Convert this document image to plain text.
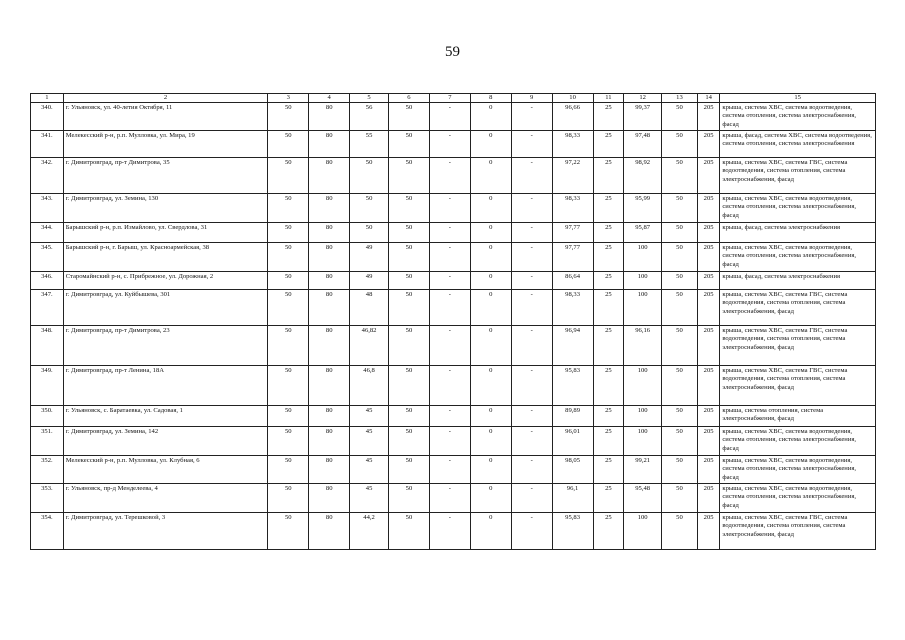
59
1	2	3	4	5	6	7	8	9	10	11	12	13	14	15
340.	г. Ульяновск, ул. 40-летия Октября, 11	50	80	56	50	-	0	-	96,66	25	99,37	50	205	крыша, система ХВС, система водоотведения, система отопления, система электроснабжения, фасад
341.	Мелекесский р-н, р.п. Мулловка, ул. Мира, 19	50	80	55	50	-	0	-	98,33	25	97,48	50	205	крыша, фасад, система ХВС, система водоотведения, система отопления, система электроснабжения
342.	г. Димитровград, пр-т Димитрова, 35	50	80	50	50	-	0	-	97,22	25	98,92	50	205	крыша, система ХВС, система ГВС, система водоотведения, система отопления, система электроснабжения, фасад
343.	г. Димитровград, ул. Земина, 130	50	80	50	50	-	0	-	98,33	25	95,99	50	205	крыша, система ХВС, система водоотведения, система отопления, система электроснабжения, фасад
344.	Барышский р-н, р.п. Измайлово, ул. Свердлова, 31	50	80	50	50	-	0	-	97,77	25	95,87	50	205	крыша, фасад, система электроснабжения
345.	Барышский р-н, г. Барыш, ул. Красноармейская, 38	50	80	49	50	-	0	-	97,77	25	100	50	205	крыша, система ХВС, система водоотведения, система отопления, система электроснабжения, фасад
346.	Старомайнский р-н, с. Прибрежное, ул. Дорожная, 2	50	80	49	50	-	0	-	86,64	25	100	50	205	крыша, фасад, система электроснабжения
347.	г. Димитровград, ул. Куйбышева, 301	50	80	48	50	-	0	-	98,33	25	100	50	205	крыша, система ХВС, система ГВС, система водоотведения, система отопления, система электроснабжения, фасад
348.	г. Димитровград, пр-т Димитрова, 23	50	80	46,82	50	-	0	-	96,94	25	96,16	50	205	крыша, система ХВС, система ГВС, система водоотведения, система отопления, система электроснабжения, фасад
349.	г. Димитровград, пр-т Ленина, 18А	50	80	46,8	50	-	0	-	95,83	25	100	50	205	крыша, система ХВС, система ГВС, система водоотведения, система отопления, система электроснабжения, фасад
350.	г. Ульяновск, с. Баратаевка, ул. Садовая, 1	50	80	45	50	-	0	-	89,89	25	100	50	205	крыша, система отопления, система электроснабжения, фасад
351.	г. Димитровград, ул. Земина, 142	50	80	45	50	-	0	-	96,01	25	100	50	205	крыша, система ХВС, система водоотведения, система отопления, система электроснабжения, фасад
352.	Мелекесский р-н, р.п. Мулловка, ул. Клубная, 6	50	80	45	50	-	0	-	98,05	25	99,21	50	205	крыша, система ХВС, система водоотведения, система отопления, система электроснабжения, фасад
353.	г. Ульяновск, пр-д Менделеева, 4	50	80	45	50	-	0	-	96,1	25	95,48	50	205	крыша, система ХВС, система водоотведения, система отопления, система электроснабжения, фасад
354.	г. Димитровград, ул. Терешковой, 3	50	80	44,2	50	-	0	-	95,83	25	100	50	205	крыша, система ХВС, система ГВС, система водоотведения, система отопления, система электроснабжения, фасад
